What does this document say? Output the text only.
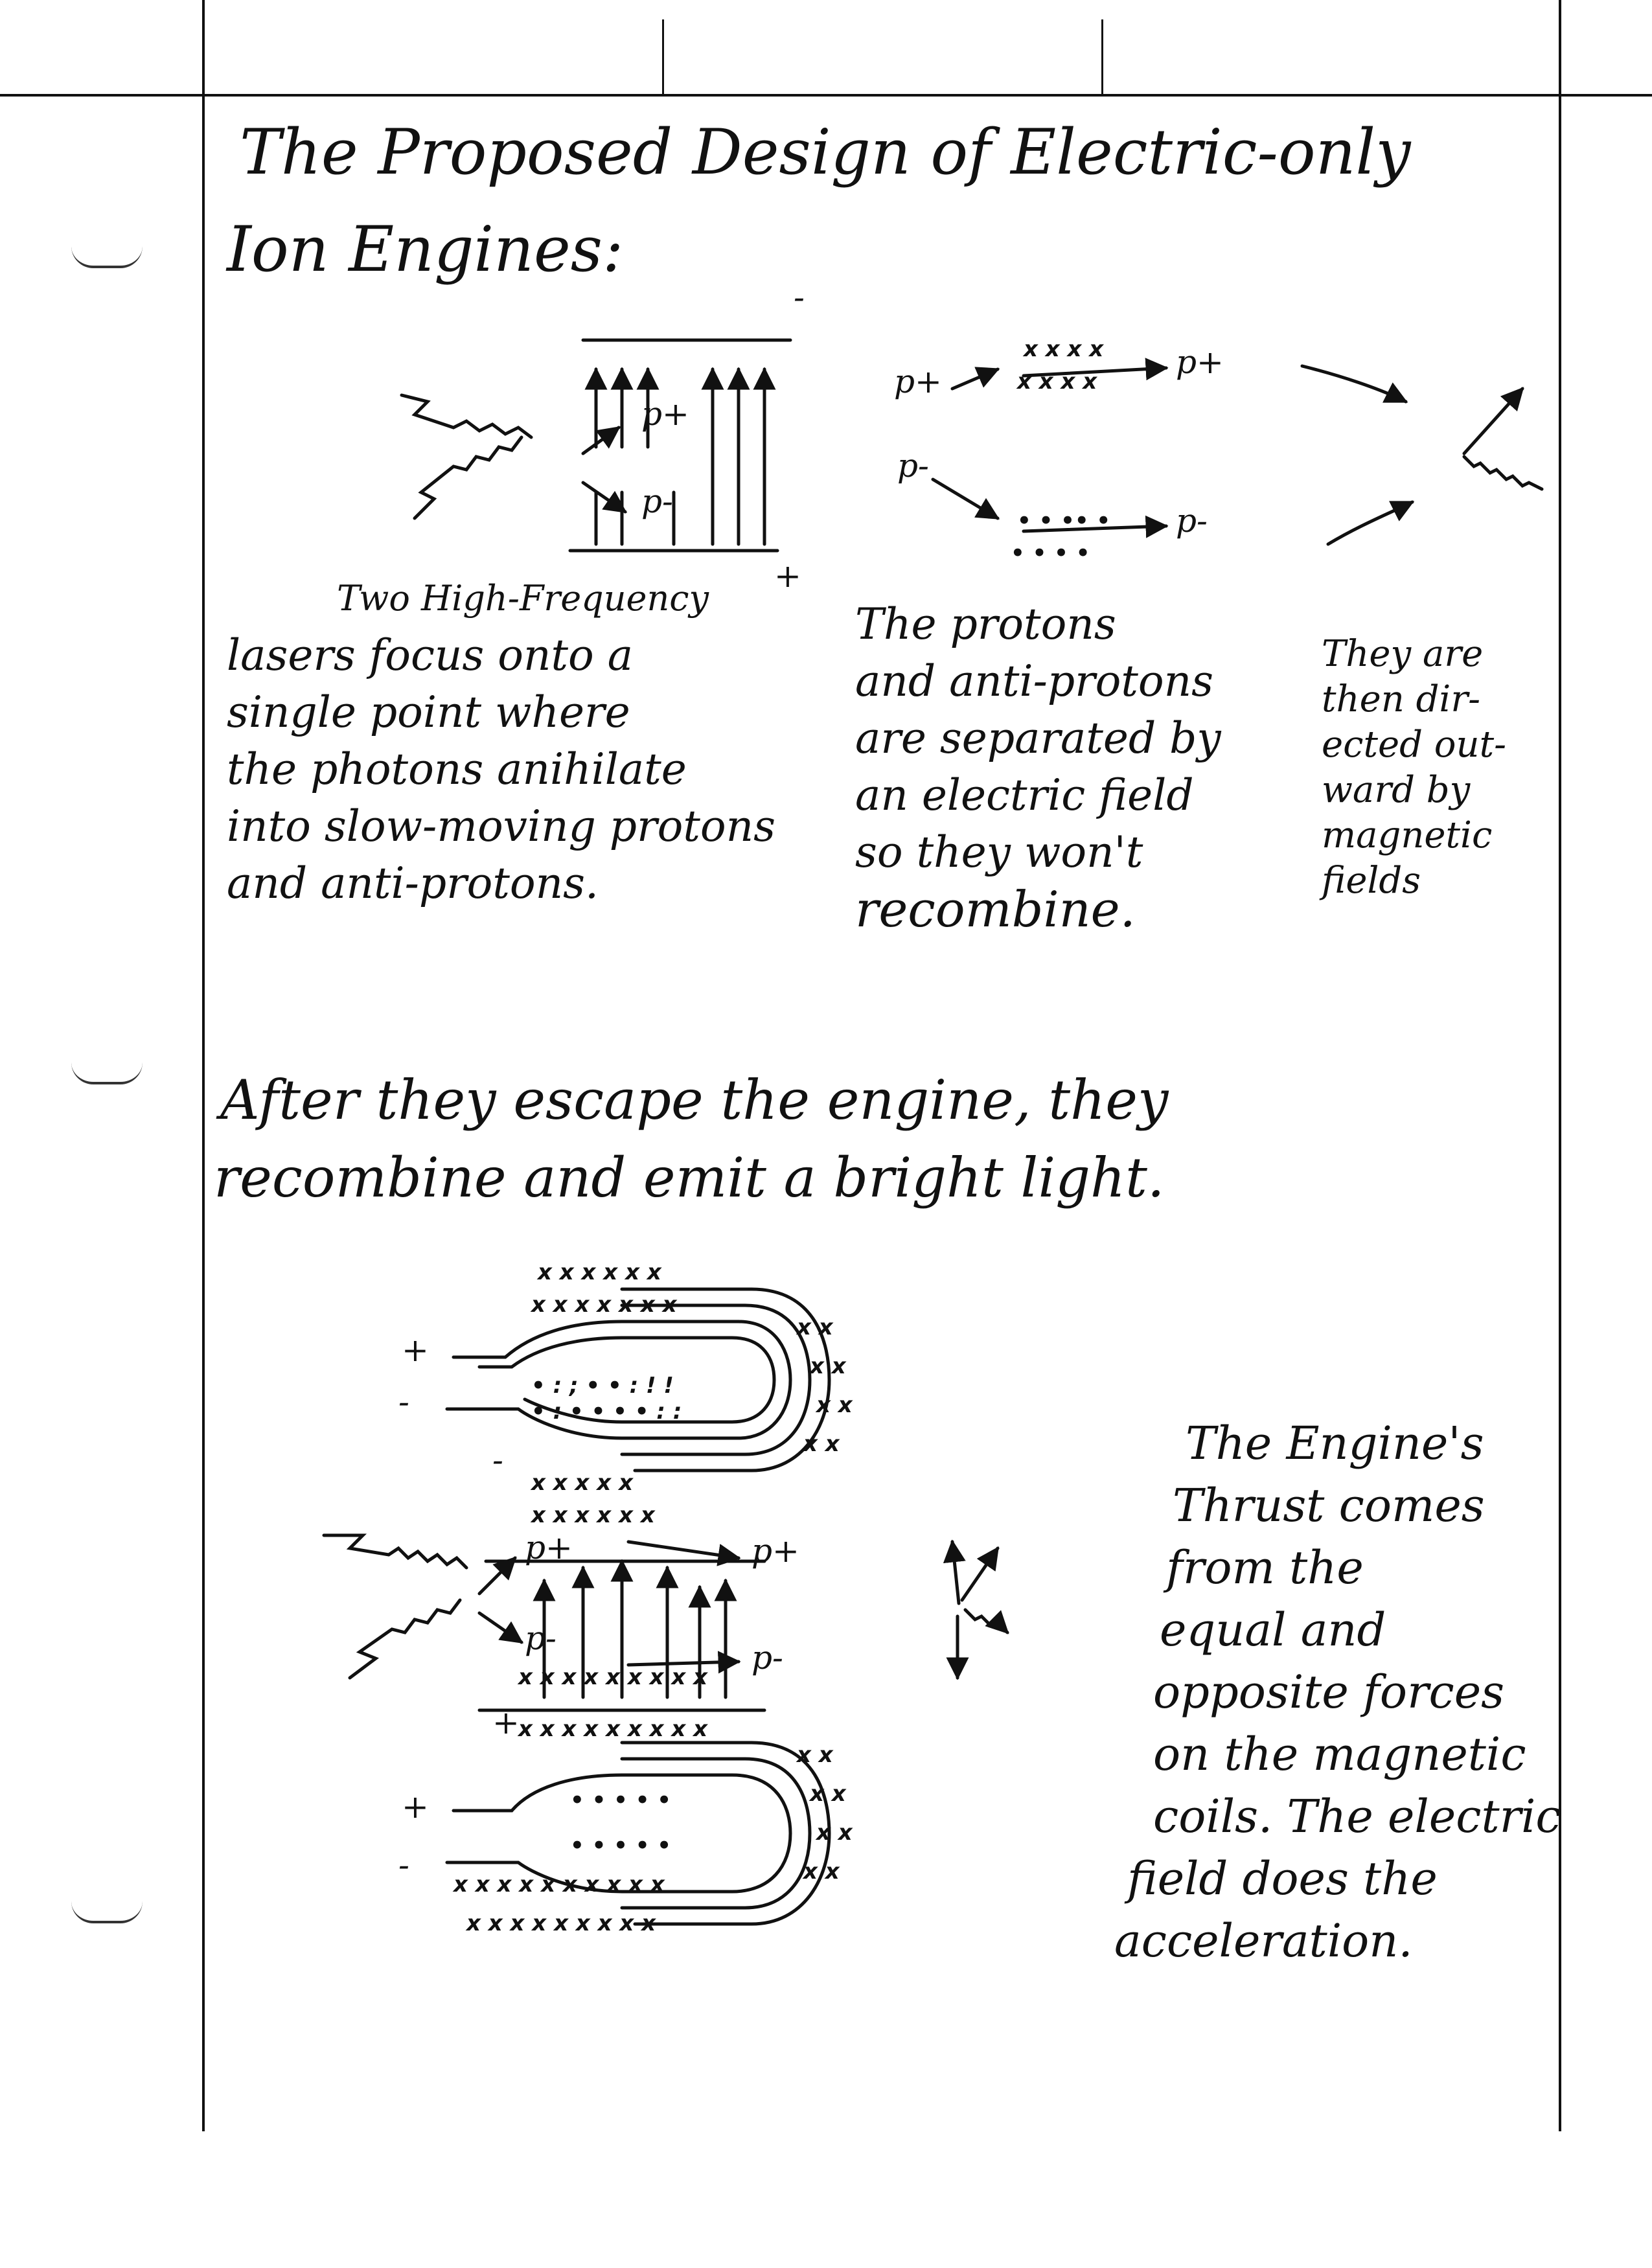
The Proposed Design of Electric-only
Ion Engines:
x x x x
x x x x
• • •• •
• • • •
x x x x x x
x x x x x x x
x x
x x
x x
x x
x x x x x
x x x x x x
x x x x x x x x x
x x x x x x x x x
x x
x x
x x
x x
x x x x x x x x x x
x x x x x x x x x
• : ; • • : ! !
• : • • • • : :
• • • • •
• • • • •
-
+
p+
p-
p+
p+
p-
p-
Two High-Frequency
lasers focus onto a
single point where
the photons anihilate
into slow-moving protons
and anti-protons.
The protons
and anti-protons
are separated by
an electric field
so they won't
recombine.
They are
then dir-
ected out-
ward by
magnetic
fields
After they escape the engine, they
recombine and emit a bright light.
+
-
-
p+	p+
p-
p-
+
+
-
The Engine's
Thrust comes
from the
equal and
opposite forces
on the magnetic
coils. The electric
field does the
acceleration.
